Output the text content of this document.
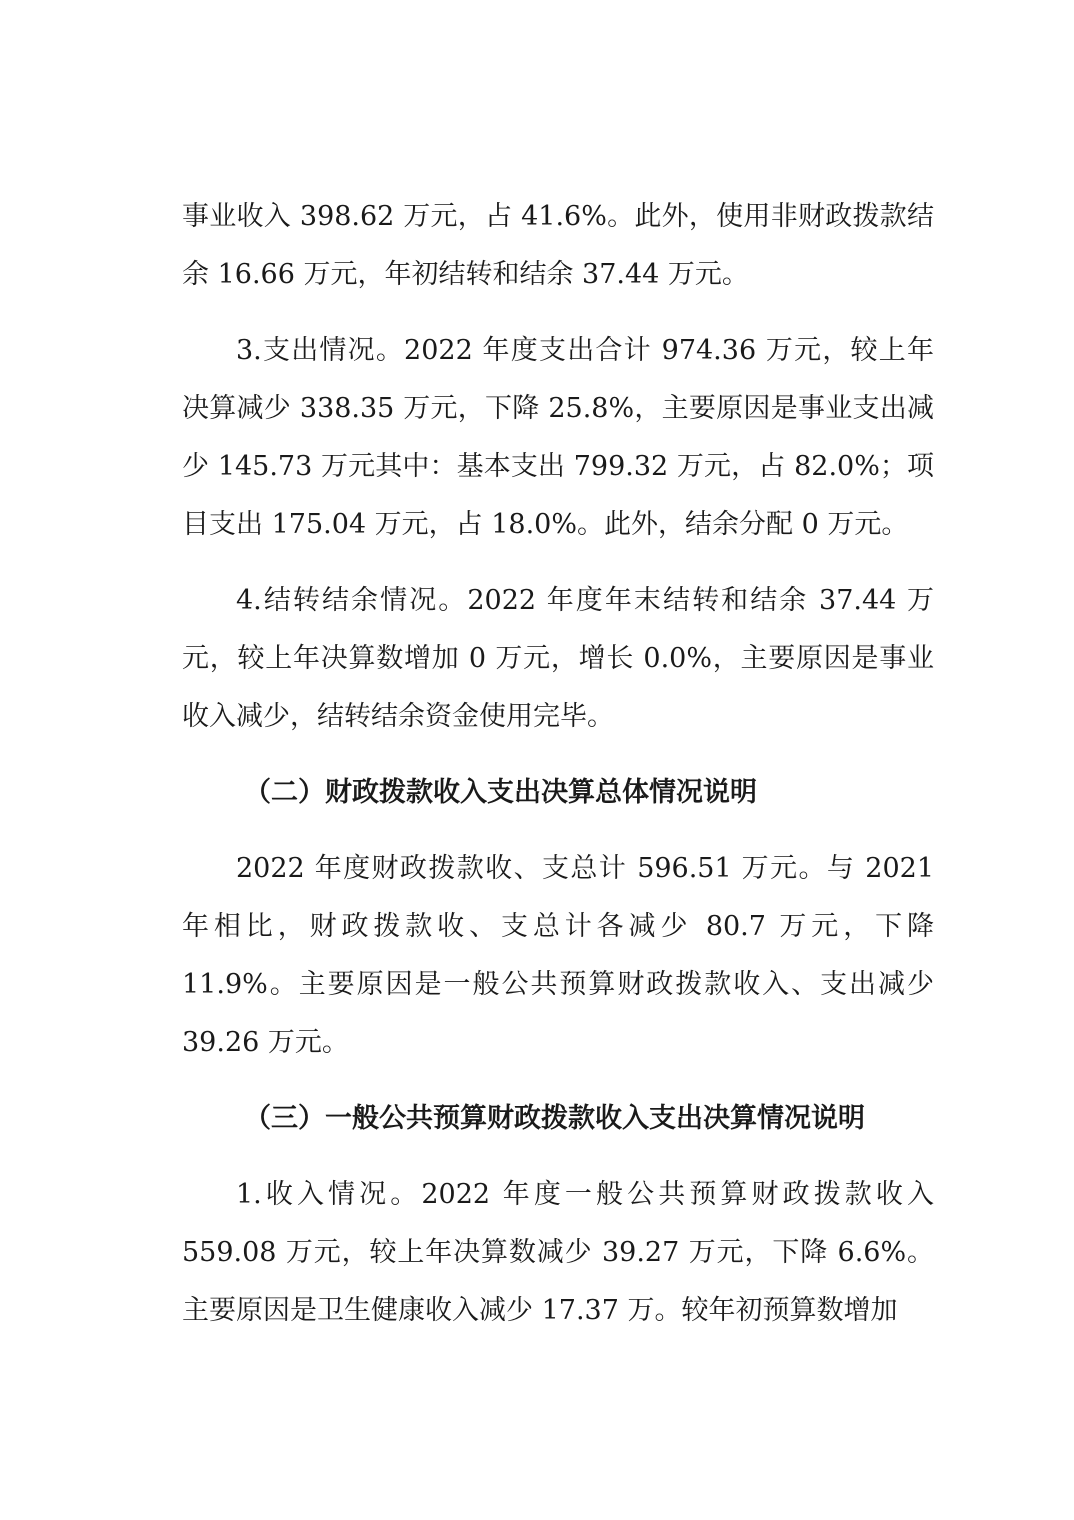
事业收入 398.62 万元，占 41.6%。此外，使用非财政拨款结余 16.66 万元，年初结转和结余 37.44 万元。

3.支出情况。2022 年度支出合计 974.36 万元，较上年决算减少 338.35 万元，下降 25.8%，主要原因是事业支出减少 145.73 万元其中：基本支出 799.32 万元，占 82.0%；项目支出 175.04 万元，占 18.0%。此外，结余分配 0 万元。

4.结转结余情况。2022 年度年末结转和结余 37.44 万元，较上年决算数增加 0 万元，增长 0.0%，主要原因是事业收入减少，结转结余资金使用完毕。

（二）财政拨款收入支出决算总体情况说明

2022 年度财政拨款收、支总计 596.51 万元。与 2021 年相比，财政拨款收、支总计各减少 80.7 万元，下降 11.9%。主要原因是一般公共预算财政拨款收入、支出减少 39.26 万元。

（三）一般公共预算财政拨款收入支出决算情况说明

1.收入情况。2022 年度一般公共预算财政拨款收入559.08 万元，较上年决算数减少 39.27 万元，下降 6.6%。主要原因是卫生健康收入减少 17.37 万。较年初预算数增加
